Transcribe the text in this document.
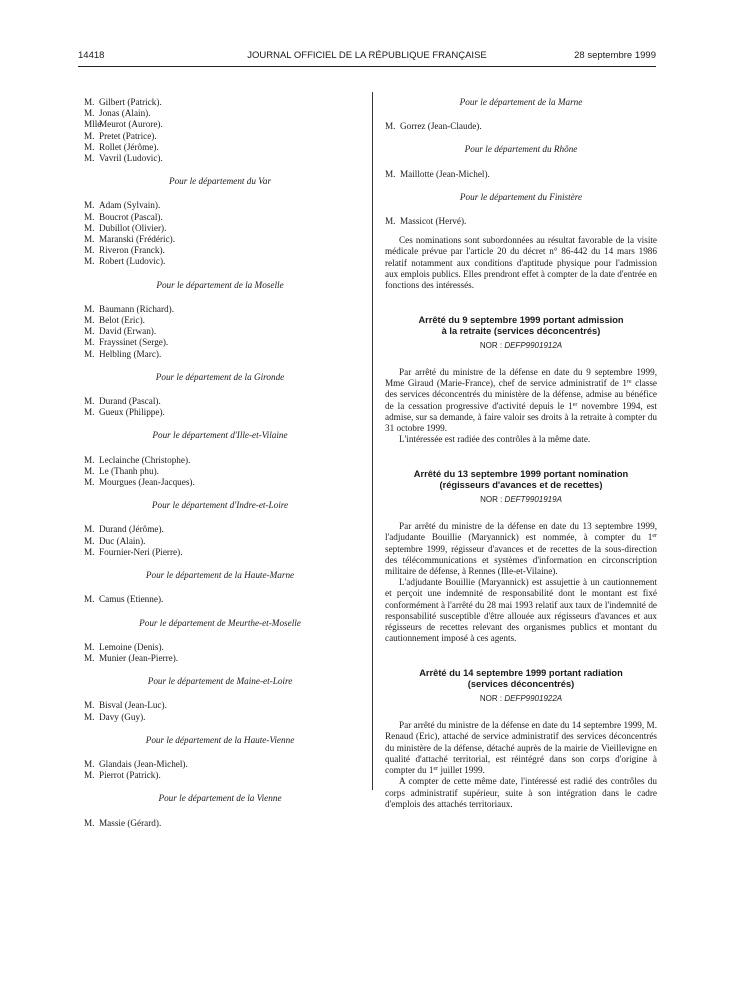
14418	JOURNAL OFFICIEL DE LA RÉPUBLIQUE FRANÇAISE	28 septembre 1999
M. Gilbert (Patrick).
M. Jonas (Alain).
MlleMeurot (Aurore).
M. Pretet (Patrice).
M. Rollet (Jérôme).
M. Vavril (Ludovic).
Pour le département du Var
M. Adam (Sylvain).
M. Boucrot (Pascal).
M. Dubillot (Olivier).
M. Maranski (Frédéric).
M. Riveron (Franck).
M. Robert (Ludovic).
Pour le département de la Moselle
M. Baumann (Richard).
M. Belot (Eric).
M. David (Erwan).
M. Frayssinet (Serge).
M. Helbling (Marc).
Pour le département de la Gironde
M. Durand (Pascal).
M. Gueux (Philippe).
Pour le département d'Ille-et-Vilaine
M. Leclainche (Christophe).
M. Le (Thanh phu).
M. Mourgues (Jean-Jacques).
Pour le département d'Indre-et-Loire
M. Durand (Jérôme).
M. Duc (Alain).
M. Fournier-Neri (Pierre).
Pour le département de la Haute-Marne
M. Camus (Etienne).
Pour le département de Meurthe-et-Moselle
M. Lemoine (Denis).
M. Munier (Jean-Pierre).
Pour le département de Maine-et-Loire
M. Bisval (Jean-Luc).
M. Davy (Guy).
Pour le département de la Haute-Vienne
M. Glandais (Jean-Michel).
M. Pierrot (Patrick).
Pour le département de la Vienne
M. Massie (Gérard).
Pour le département de la Marne
M. Gorrez (Jean-Claude).
Pour le département du Rhône
M. Maillotte (Jean-Michel).
Pour le département du Finistère
M. Massicot (Hervé).

Ces nominations sont subordonnées au résultat favorable de la visite médicale prévue par l'article 20 du décret n° 86-442 du 14 mars 1986 relatif notamment aux conditions d'aptitude physique pour l'admission aux emplois publics. Elles prendront effet à compter de la date d'entrée en fonctions des intéressés.

Arrêté du 9 septembre 1999 portant admission
à la retraite (services déconcentrés)
NOR : DEFP9901912A

Par arrêté du ministre de la défense en date du 9 septembre 1999, Mme Giraud (Marie-France), chef de service administratif de 1re classe des services déconcentrés du ministère de la défense, admise au bénéfice de la cessation progressive d'activité depuis le 1er novembre 1994, est admise, sur sa demande, à faire valoir ses droits à la retraite à compter du 31 octobre 1999.

L'intéressée est radiée des contrôles à la même date.

Arrêté du 13 septembre 1999 portant nomination
(régisseurs d'avances et de recettes)
NOR : DEFT9901919A

Par arrêté du ministre de la défense en date du 13 septembre 1999, l'adjudante Bouillie (Maryannick) est nommée, à compter du 1er septembre 1999, régisseur d'avances et de recettes de la sous-direction des télécommunications et systèmes d'information en circonscription militaire de défense, à Rennes (Ille-et-Vilaine).

L'adjudante Bouillie (Maryannick) est assujettie à un cautionnement et perçoit une indemnité de responsabilité dont le montant est fixé conformément à l'arrêté du 28 mai 1993 relatif aux taux de l'indemnité de responsabilité susceptible d'être allouée aux régisseurs d'avances et aux régisseurs de recettes relevant des organismes publics et montant du cautionnement imposé à ces agents.

Arrêté du 14 septembre 1999 portant radiation
(services déconcentrés)
NOR : DEFP9901922A

Par arrêté du ministre de la défense en date du 14 septembre 1999, M. Renaud (Eric), attaché de service administratif des services déconcentrés du ministère de la défense, détaché auprès de la mairie de Vieillevigne en qualité d'attaché territorial, est réintégré dans son corps d'origine à compter du 1er juillet 1999.

A compter de cette même date, l'intéressé est radié des contrôles du corps administratif supérieur, suite à son intégration dans le cadre d'emplois des attachés territoriaux.
